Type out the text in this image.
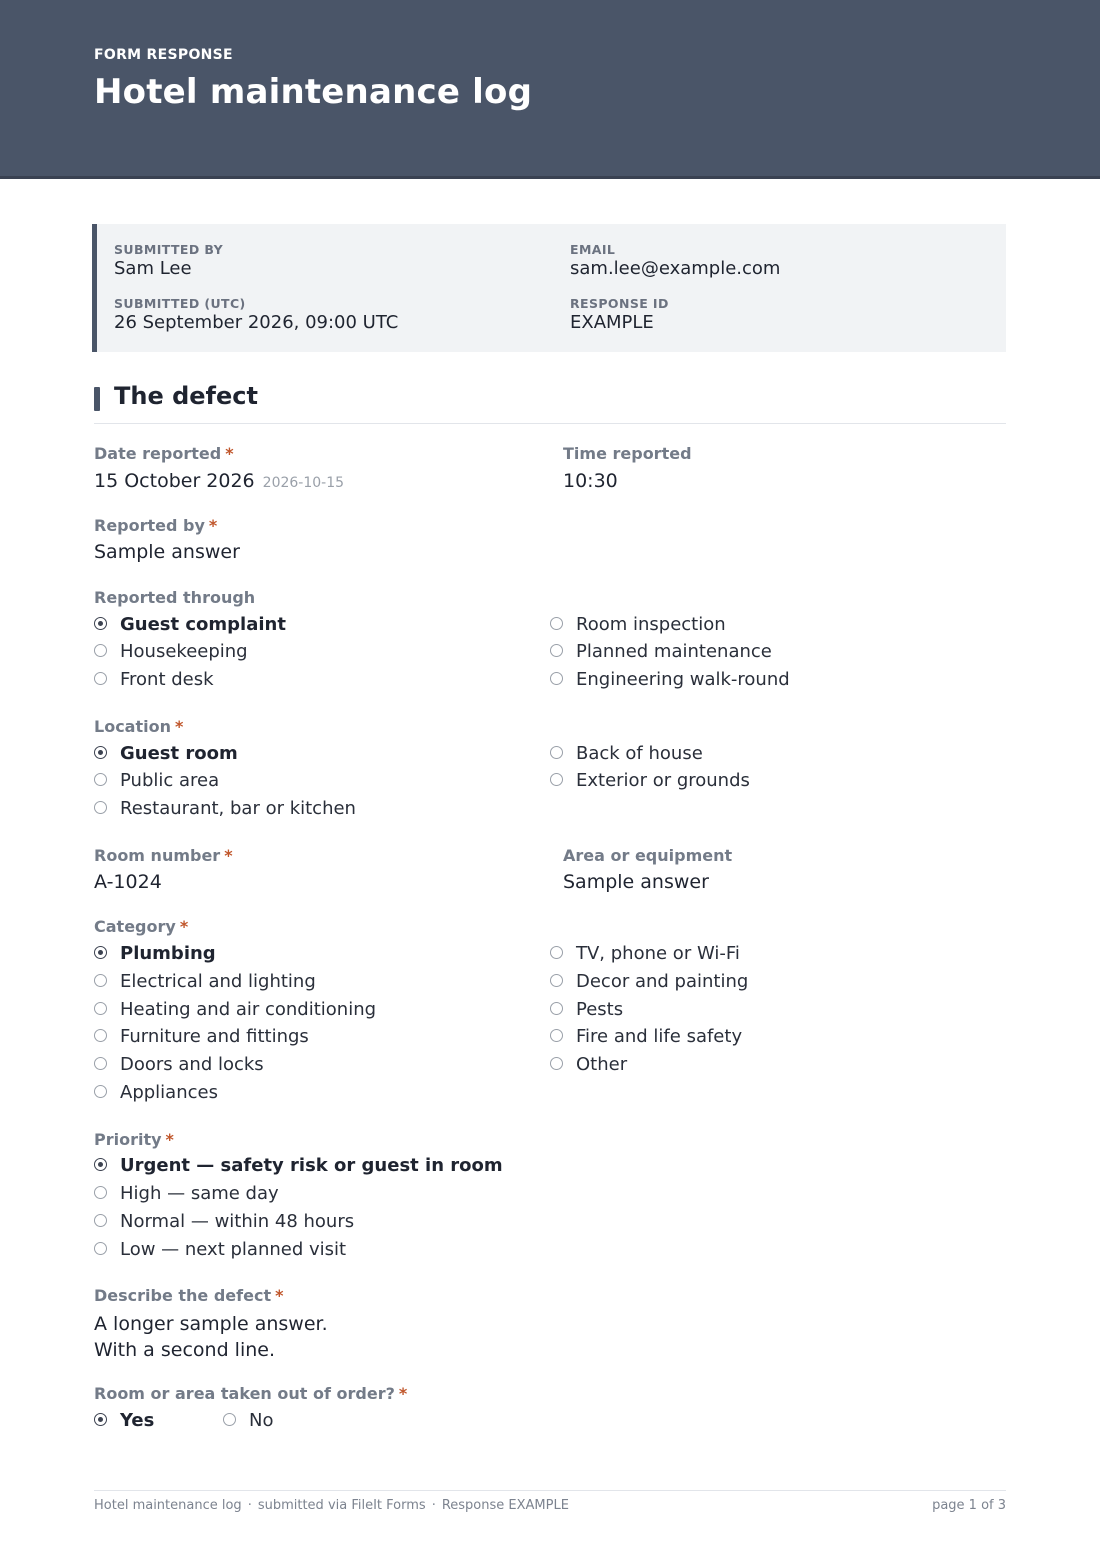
FORM RESPONSE
Hotel maintenance log
SUBMITTED BY
Sam Lee
EMAIL
sam.lee@example.com
SUBMITTED (UTC)
26 September 2026, 09:00 UTC
RESPONSE ID
EXAMPLE
The defect
Date reported *
15 October 2026 2026-10-15
Time reported
10:30
Reported by *
Sample answer
Reported through
Guest complaint
Housekeeping
Front desk
Room inspection
Planned maintenance
Engineering walk-round
Location *
Guest room
Public area
Restaurant, bar or kitchen
Back of house
Exterior or grounds
Room number *
A-1024
Area or equipment
Sample answer
Category *
Plumbing
Electrical and lighting
Heating and air conditioning
Furniture and fittings
Doors and locks
Appliances
TV, phone or Wi-Fi
Decor and painting
Pests
Fire and life safety
Other
Priority *
Urgent — safety risk or guest in room
High — same day
Normal — within 48 hours
Low — next planned visit
Describe the defect *
A longer sample answer.
With a second line.
Room or area taken out of order? *
Yes	No
Hotel maintenance log · submitted via FileIt Forms · Response EXAMPLE	page 1 of 3
